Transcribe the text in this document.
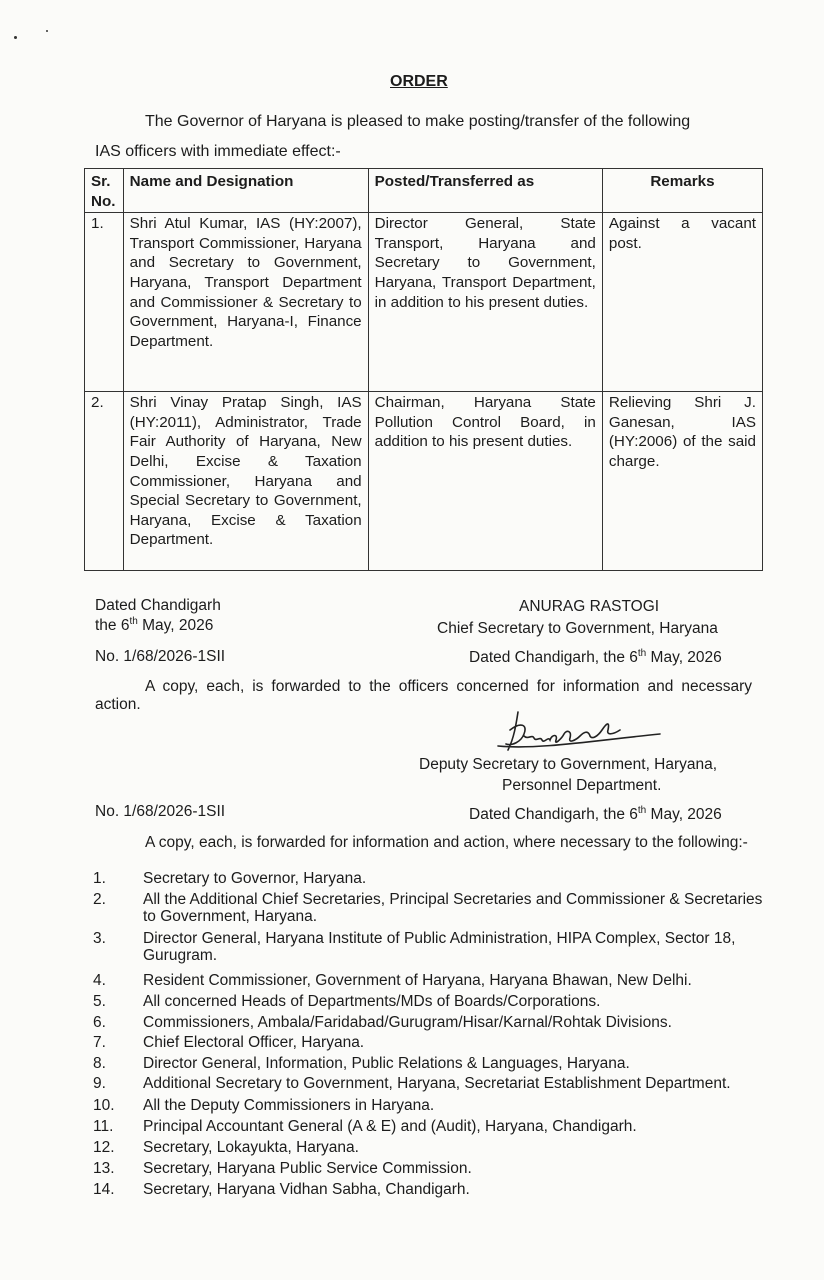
ORDER
The Governor of Haryana is pleased to make posting/transfer of the following
IAS officers with immediate effect:-
Sr. No.	Name and Designation	Posted/Transferred as	Remarks
1.	Shri Atul Kumar, IAS (HY:2007), Transport Commissioner, Haryana and Secretary to Government, Haryana, Transport Department and Commissioner & Secretary to Government, Haryana-I, Finance Department.	Director General, State Transport, Haryana and Secretary to Government, Haryana, Transport Department, in addition to his present duties.	Against a vacant post.
2.	Shri Vinay Pratap Singh, IAS (HY:2011), Administrator, Trade Fair Authority of Haryana, New Delhi, Excise & Taxation Commissioner, Haryana and Special Secretary to Government, Haryana, Excise & Taxation Department.	Chairman, Haryana State Pollution Control Board, in addition to his present duties.	Relieving Shri J. Ganesan, IAS (HY:2006) of the said charge.
Dated Chandigarh
the 6th May, 2026
ANURAG RASTOGI
Chief Secretary to Government, Haryana
No. 1/68/2026-1SII	Dated Chandigarh, the 6th May, 2026
A copy, each, is forwarded to the officers concerned for information and necessary action.
Deputy Secretary to Government, Haryana,
Personnel Department.
No. 1/68/2026-1SII	Dated Chandigarh, the 6th May, 2026
A copy, each, is forwarded for information and action, where necessary to the following:-
1.	Secretary to Governor, Haryana.
2.	All the Additional Chief Secretaries, Principal Secretaries and Commissioner & Secretaries to Government, Haryana.
3.	Director General, Haryana Institute of Public Administration, HIPA Complex, Sector 18, Gurugram.
4.	Resident Commissioner, Government of Haryana, Haryana Bhawan, New Delhi.
5.	All concerned Heads of Departments/MDs of Boards/Corporations.
6.	Commissioners, Ambala/Faridabad/Gurugram/Hisar/Karnal/Rohtak Divisions.
7.	Chief Electoral Officer, Haryana.
8.	Director General, Information, Public Relations & Languages, Haryana.
9.	Additional Secretary to Government, Haryana, Secretariat Establishment Department.
10.	All the Deputy Commissioners in Haryana.
11.	Principal Accountant General (A & E) and (Audit), Haryana, Chandigarh.
12.	Secretary, Lokayukta, Haryana.
13.	Secretary, Haryana Public Service Commission.
14.	Secretary, Haryana Vidhan Sabha, Chandigarh.
